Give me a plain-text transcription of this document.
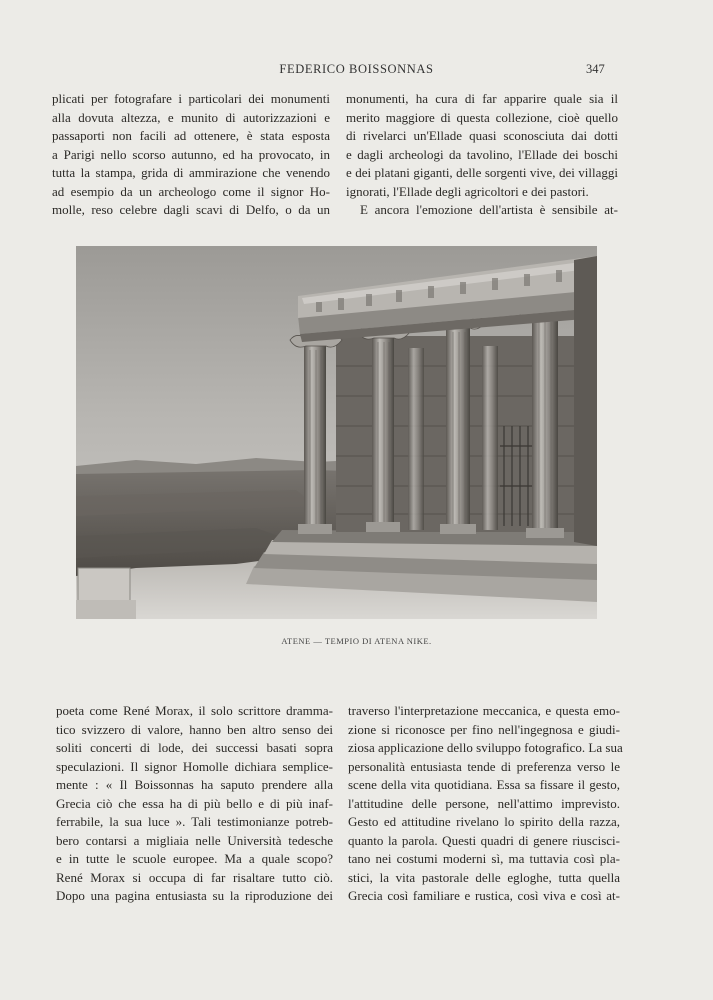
FEDERICO BOISSONNAS	347
plicati per fotografare i particolari dei monumenti
alla dovuta altezza, e munito di autorizzazioni e
passaporti non facili ad ottenere, è stata esposta
a Parigi nello scorso autunno, ed ha provocato, in
tutta la stampa, grida di ammirazione che venendo
ad esempio da un archeologo come il signor Ho-
molle, reso celebre dagli scavi di Delfo, o da un
monumenti, ha cura di far apparire quale sia il
merito maggiore di questa collezione, cioè quello
di rivelarci un'Ellade quasi sconosciuta dai dotti
e dagli archeologi da tavolino, l'Ellade dei boschi
e dei platani giganti, delle sorgenti vive, dei villaggi
ignorati, l'Ellade degli agricoltori e dei pastori.
E ancora l'emozione dell'artista è sensibile at-
ATENE — TEMPIO DI ATENA NIKE.
poeta come René Morax, il solo scrittore dramma-
tico svizzero di valore, hanno ben altro senso dei
soliti concerti di lode, dei successi basati sopra
speculazioni. Il signor Homolle dichiara semplice-
mente : « Il Boissonnas ha saputo prendere alla
Grecia ciò che essa ha di più bello e di più inaf-
ferrabile, la sua luce ». Tali testimonianze potreb-
bero contarsi a migliaia nelle Università tedesche
e in tutte le scuole europee. Ma a quale scopo?
René Morax si occupa di far risaltare tutto ciò.
Dopo una pagina entusiasta su la riproduzione dei
traverso l'interpretazione meccanica, e questa emo-
zione si riconosce per fino nell'ingegnosa e giudi-
ziosa applicazione dello sviluppo fotografico. La sua
personalità entusiasta tende di preferenza verso le
scene della vita quotidiana. Essa sa fissare il gesto,
l'attitudine delle persone, nell'attimo imprevisto.
Gesto ed attitudine rivelano lo spirito della razza,
quanto la parola. Questi quadri di genere riuscisci-
tano nei costumi moderni sì, ma tuttavia così pla-
stici, la vita pastorale delle egloghe, tutta quella
Grecia così familiare e rustica, così viva e così at-
